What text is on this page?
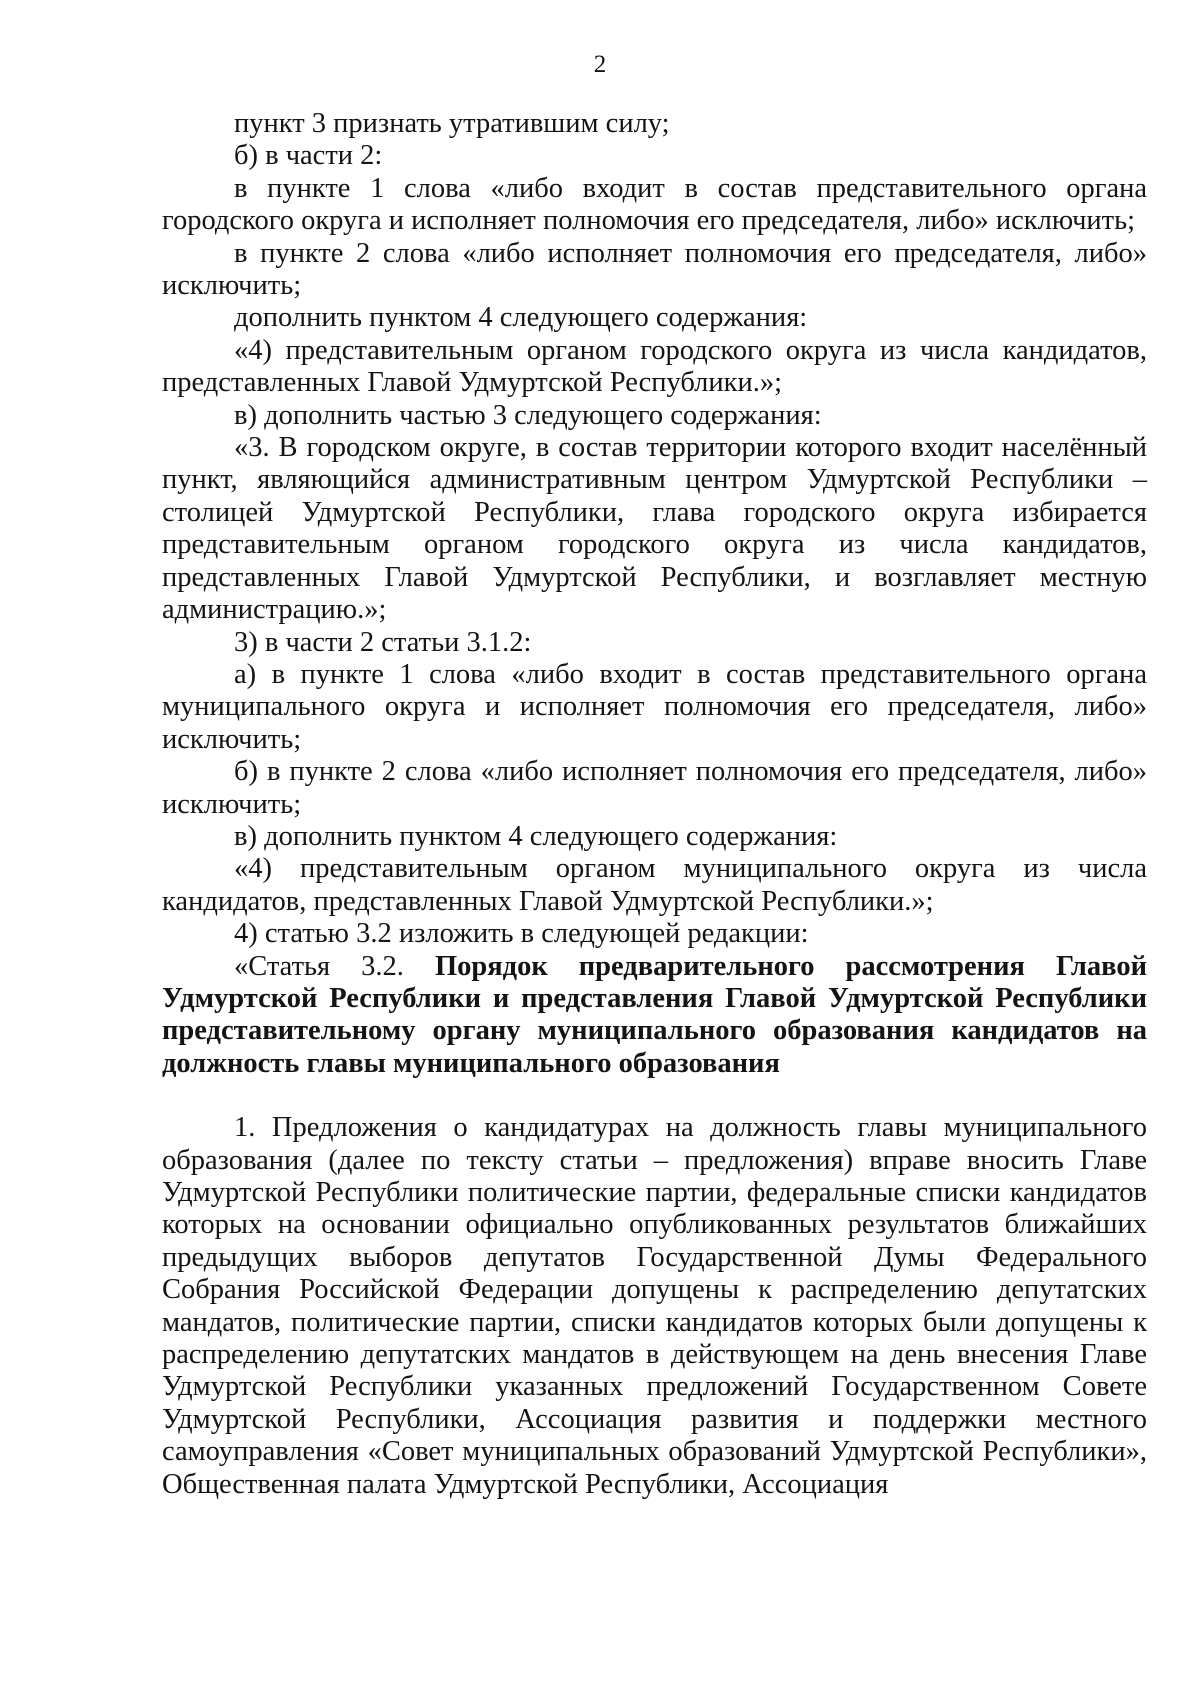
2

пункт 3 признать утратившим силу;

б) в части 2:

в пункте 1 слова «либо входит в состав представительного органа городского округа и исполняет полномочия его председателя, либо» исключить;

в пункте 2 слова «либо исполняет полномочия его председателя, либо» исключить;

дополнить пунктом 4 следующего содержания:

«4) представительным органом городского округа из числа кандидатов, представленных Главой Удмуртской Республики.»;

в) дополнить частью 3 следующего содержания:

«3. В городском округе, в состав территории которого входит населённый пункт, являющийся административным центром Удмуртской Республики – столицей Удмуртской Республики, глава городского округа избирается представительным органом городского округа из числа кандидатов, представленных Главой Удмуртской Республики, и возглавляет местную администрацию.»;

3) в части 2 статьи 3.1.2:

а) в пункте 1 слова «либо входит в состав представительного органа муниципального округа и исполняет полномочия его председателя, либо» исключить;

б) в пункте 2 слова «либо исполняет полномочия его председателя, либо» исключить;

в) дополнить пунктом 4 следующего содержания:

«4) представительным органом муниципального округа из числа кандидатов, представленных Главой Удмуртской Республики.»;

4) статью 3.2 изложить в следующей редакции:

«Статья 3.2. Порядок предварительного рассмотрения Главой Удмуртской Республики и представления Главой Удмуртской Республики представительному органу муниципального образования кандидатов на должность главы муниципального образования

1. Предложения о кандидатурах на должность главы муниципального образования (далее по тексту статьи – предложения) вправе вносить Главе Удмуртской Республики политические партии, федеральные списки кандидатов которых на основании официально опубликованных результатов ближайших предыдущих выборов депутатов Государственной Думы Федерального Собрания Российской Федерации допущены к распределению депутатских мандатов, политические партии, списки кандидатов которых были допущены к распределению депутатских мандатов в действующем на день внесения Главе Удмуртской Республики указанных предложений Государственном Совете Удмуртской Республики, Ассоциация развития и поддержки местного самоуправления «Совет муниципальных образований Удмуртской Республики», Общественная палата Удмуртской Республики, Ассоциация
